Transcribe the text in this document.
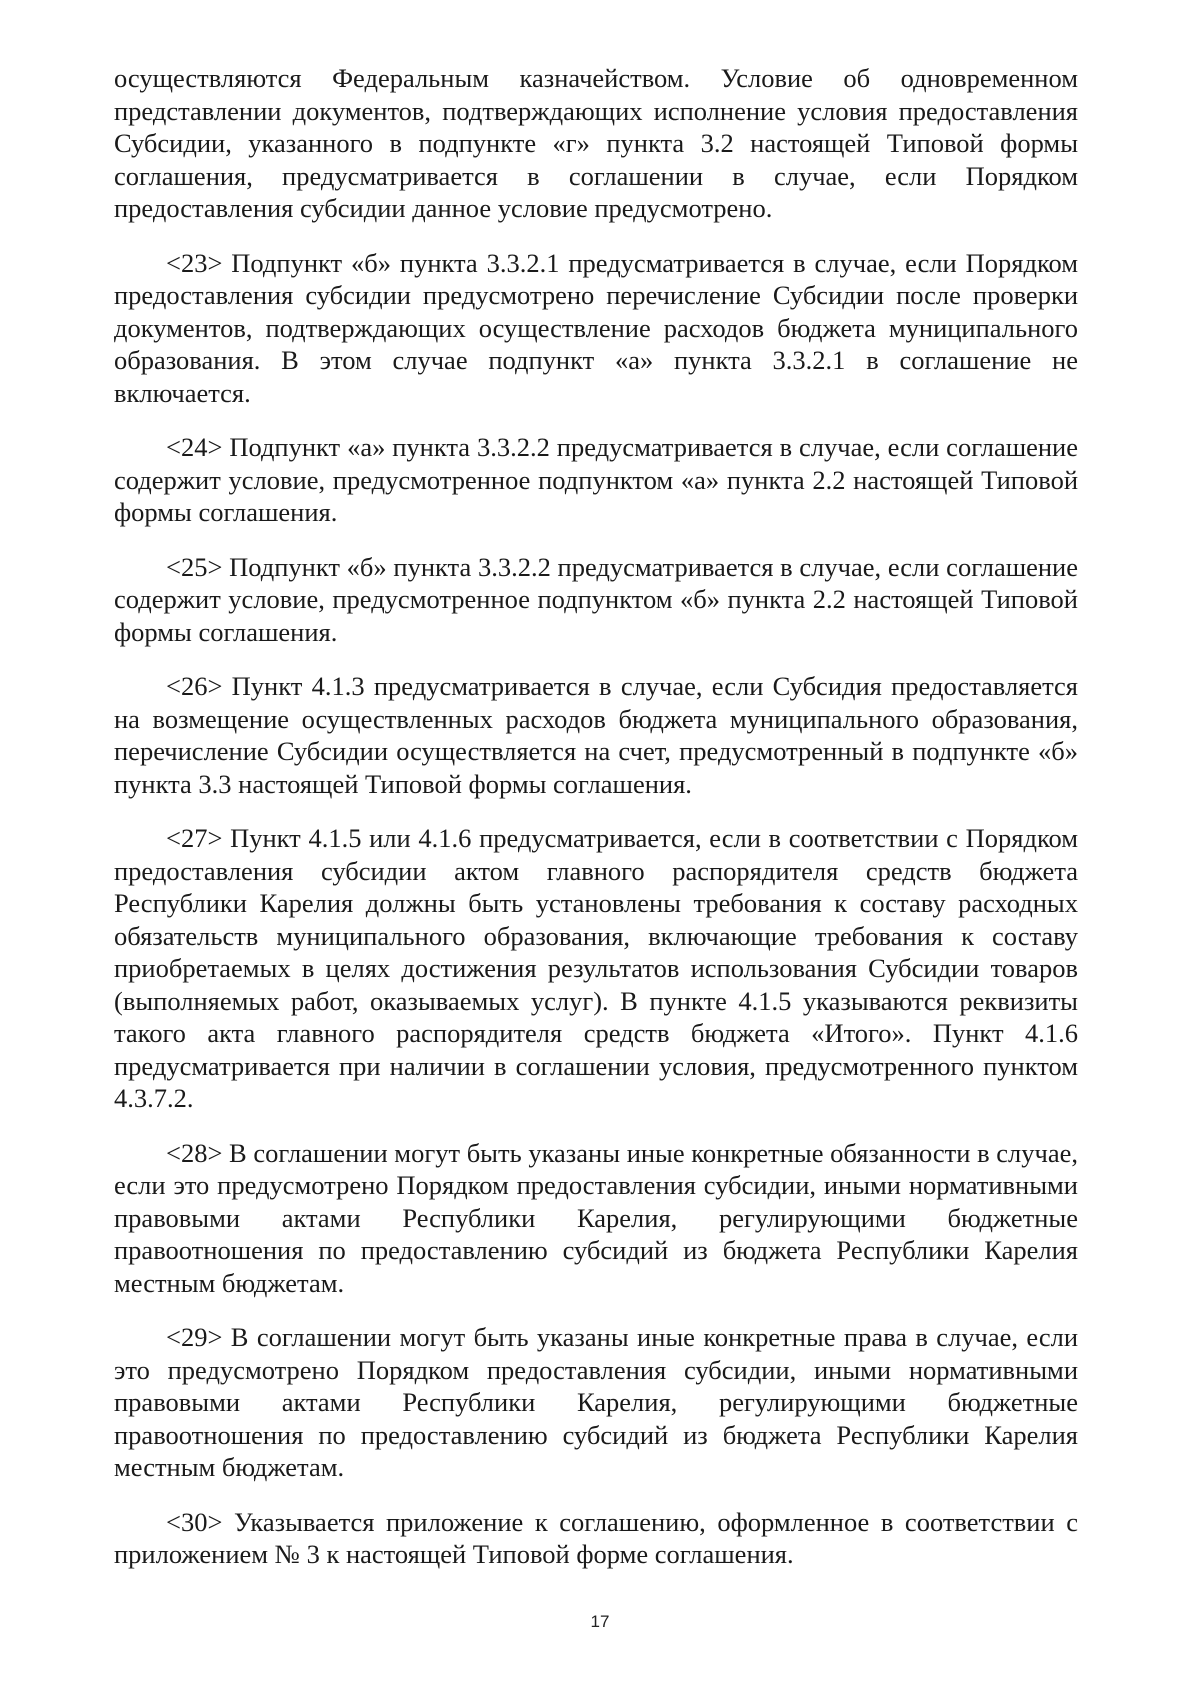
осуществляются Федеральным казначейством. Условие об одновременном представлении документов, подтверждающих исполнение условия предоставления Субсидии, указанного в подпункте «г» пункта 3.2 настоящей Типовой формы соглашения, предусматривается в соглашении в случае, если Порядком предоставления субсидии данное условие предусмотрено.

<23> Подпункт «б» пункта 3.3.2.1 предусматривается в случае, если Порядком предоставления субсидии предусмотрено перечисление Субсидии после проверки документов, подтверждающих осуществление расходов бюджета муниципального образования. В этом случае подпункт «а» пункта 3.3.2.1 в соглашение не включается.

<24> Подпункт «а» пункта 3.3.2.2 предусматривается в случае, если соглашение содержит условие, предусмотренное подпунктом «а» пункта 2.2 настоящей Типовой формы соглашения.

<25> Подпункт «б» пункта 3.3.2.2 предусматривается в случае, если соглашение содержит условие, предусмотренное подпунктом «б» пункта 2.2 настоящей Типовой формы соглашения.

<26> Пункт 4.1.3 предусматривается в случае, если Субсидия предоставляется на возмещение осуществленных расходов бюджета муниципального образования, перечисление Субсидии осуществляется на счет, предусмотренный в подпункте «б» пункта 3.3 настоящей Типовой формы соглашения.

<27> Пункт 4.1.5 или 4.1.6 предусматривается, если в соответствии с Порядком предоставления субсидии актом главного распорядителя средств бюджета Республики Карелия должны быть установлены требования к составу расходных обязательств муниципального образования, включающие требования к составу приобретаемых в целях достижения результатов использования Субсидии товаров (выполняемых работ, оказываемых услуг). В пункте 4.1.5 указываются реквизиты такого акта главного распорядителя средств бюджета «Итого». Пункт 4.1.6 предусматривается при наличии в соглашении условия, предусмотренного пунктом 4.3.7.2.

<28> В соглашении могут быть указаны иные конкретные обязанности в случае, если это предусмотрено Порядком предоставления субсидии, иными нормативными правовыми актами Республики Карелия, регулирующими бюджетные правоотношения по предоставлению субсидий из бюджета Республики Карелия местным бюджетам.

<29> В соглашении могут быть указаны иные конкретные права в случае, если это предусмотрено Порядком предоставления субсидии, иными нормативными правовыми актами Республики Карелия, регулирующими бюджетные правоотношения по предоставлению субсидий из бюджета Республики Карелия местным бюджетам.

<30> Указывается приложение к соглашению, оформленное в соответствии с приложением № 3 к настоящей Типовой форме соглашения.

17
